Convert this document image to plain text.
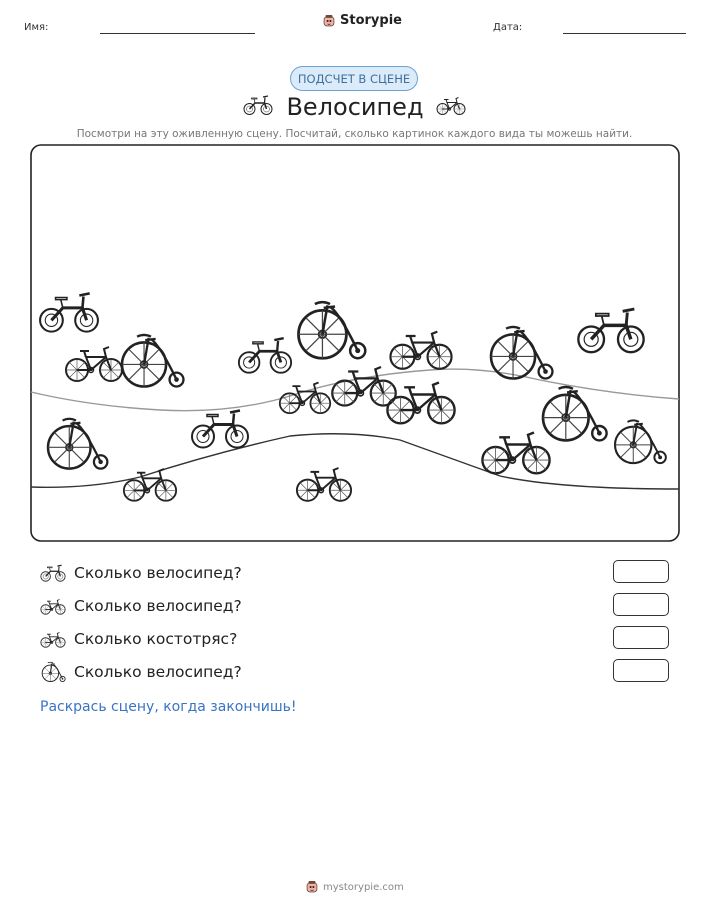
Имя:	Storypie	Дата:
ПОДСЧЕТ В СЦЕНЕ
Велосипед
Посмотри на эту оживленную сцену. Посчитай, сколько картинок каждого вида ты можешь найти.
Сколько велосипед?
Сколько велосипед?
Сколько костотряс?
Сколько велосипед?
Раскрась сцену, когда закончишь!
mystorypie.com
